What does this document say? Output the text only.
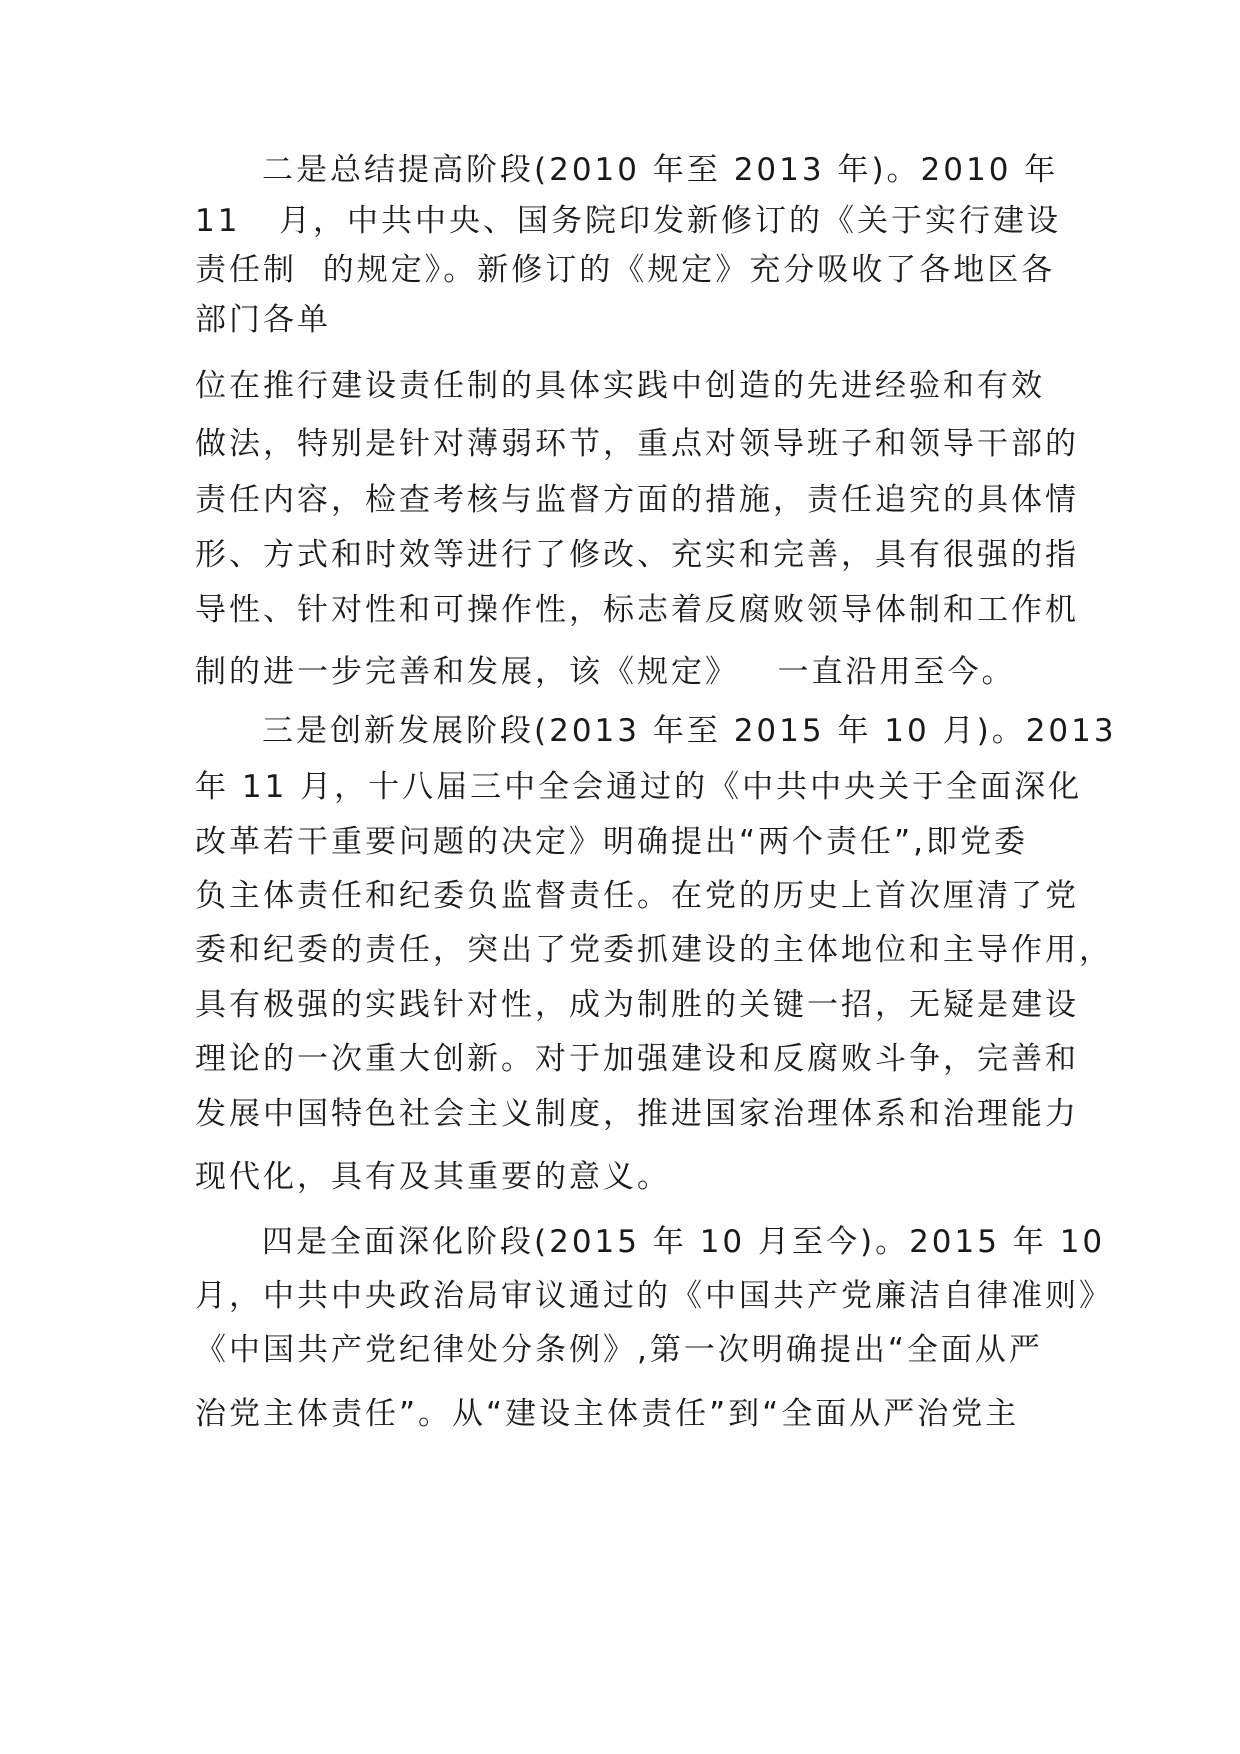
二是总结提高阶段(2010 年至 2013 年)。2010 年
11   月，中共中央、国务院印发新修订的《关于实行建设
责任制  的规定》。新修订的《规定》充分吸收了各地区各
部门各单
位在推行建设责任制的具体实践中创造的先进经验和有效
做法，特别是针对薄弱环节，重点对领导班子和领导干部的
责任内容，检查考核与监督方面的措施，责任追究的具体情
形、方式和时效等进行了修改、充实和完善，具有很强的指
导性、针对性和可操作性，标志着反腐败领导体制和工作机
制的进一步完善和发展，该《规定》   一直沿用至今。
三是创新发展阶段(2013 年至 2015 年 10 月)。2013
年 11 月，十八届三中全会通过的《中共中央关于全面深化
改革若干重要问题的决定》明确提出“两个责任”,即党委
负主体责任和纪委负监督责任。在党的历史上首次厘清了党
委和纪委的责任，突出了党委抓建设的主体地位和主导作用，
具有极强的实践针对性，成为制胜的关键一招，无疑是建设
理论的一次重大创新。对于加强建设和反腐败斗争，完善和
发展中国特色社会主义制度，推进国家治理体系和治理能力
现代化，具有及其重要的意义。
四是全面深化阶段(2015 年 10 月至今)。2015 年 10
月，中共中央政治局审议通过的《中国共产党廉洁自律准则》
《中国共产党纪律处分条例》,第一次明确提出“全面从严
治党主体责任”。从“建设主体责任”到“全面从严治党主
